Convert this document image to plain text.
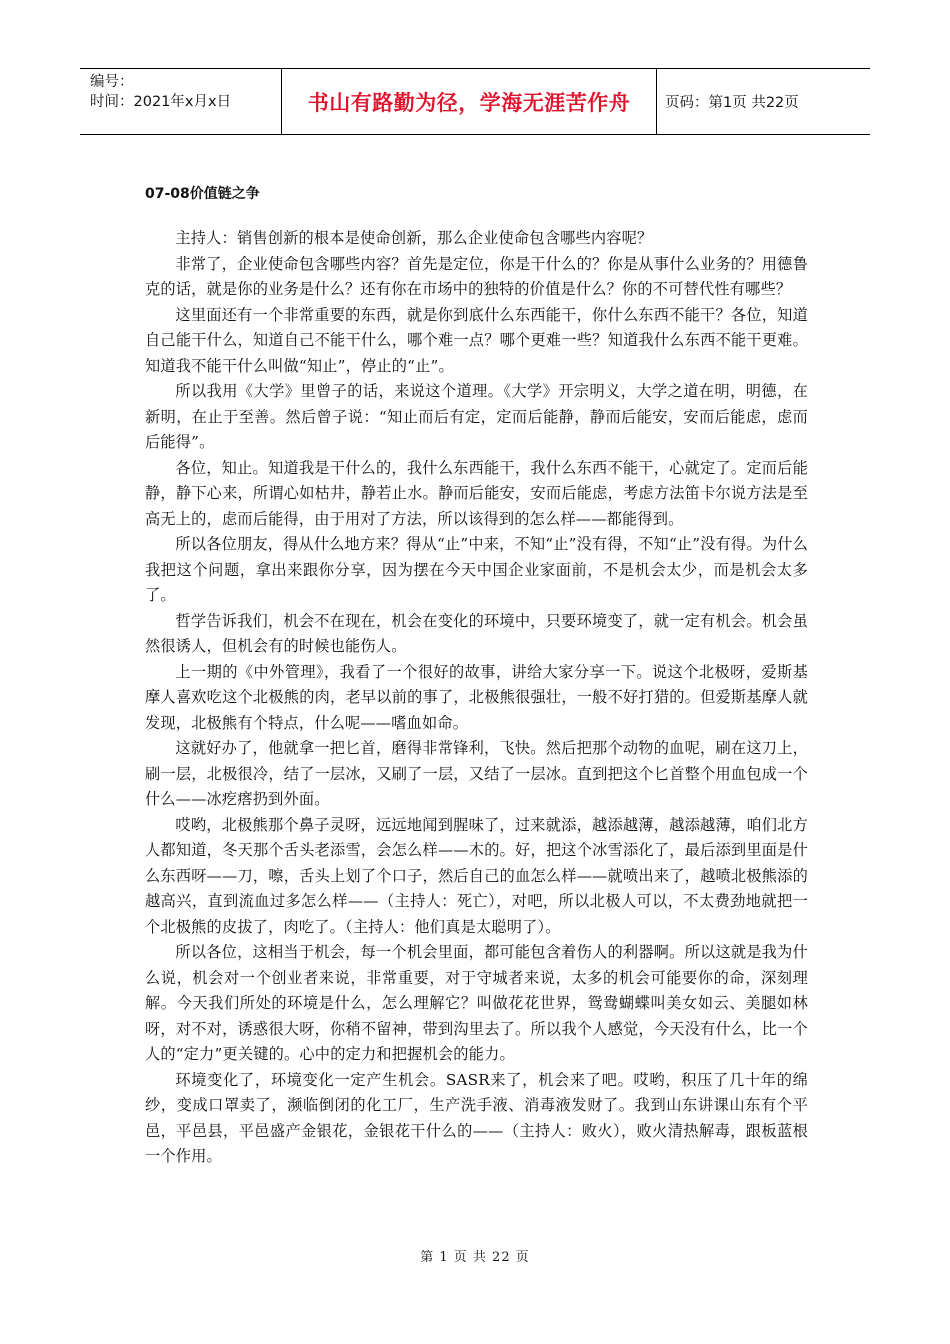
编号：
时间：2021年x月x日	书山有路勤为径，学海无涯苦作舟	页码：第1页 共22页
07-08价值链之争

主持人：销售创新的根本是使命创新，那么企业使命包含哪些内容呢？

非常了，企业使命包含哪些内容？首先是定位，你是干什么的？你是从事什么业务的？用德鲁克的话，就是你的业务是什么？还有你在市场中的独特的价值是什么？你的不可替代性有哪些？

这里面还有一个非常重要的东西，就是你到底什么东西能干，你什么东西不能干？各位，知道自己能干什么，知道自己不能干什么，哪个难一点？哪个更难一些？知道我什么东西不能干更难。知道我不能干什么叫做“知止”，停止的“止”。

所以我用《大学》里曾子的话，来说这个道理。《大学》开宗明义，大学之道在明，明德，在新明，在止于至善。然后曾子说：“知止而后有定，定而后能静，静而后能安，安而后能虑，虑而后能得”。

各位，知止。知道我是干什么的，我什么东西能干，我什么东西不能干，心就定了。定而后能静，静下心来，所谓心如枯井，静若止水。静而后能安，安而后能虑，考虑方法笛卡尔说方法是至高无上的，虑而后能得，由于用对了方法，所以该得到的怎么样——都能得到。

所以各位朋友，得从什么地方来？得从“止”中来，不知“止”没有得，不知“止”没有得。为什么我把这个问题，拿出来跟你分享，因为摆在今天中国企业家面前，不是机会太少，而是机会太多了。

哲学告诉我们，机会不在现在，机会在变化的环境中，只要环境变了，就一定有机会。机会虽然很诱人，但机会有的时候也能伤人。

上一期的《中外管理》，我看了一个很好的故事，讲给大家分享一下。说这个北极呀，爱斯基摩人喜欢吃这个北极熊的肉，老早以前的事了，北极熊很强壮，一般不好打猎的。但爱斯基摩人就发现，北极熊有个特点，什么呢——嗜血如命。

这就好办了，他就拿一把匕首，磨得非常锋利，飞快。然后把那个动物的血呢，刷在这刀上，刷一层，北极很冷，结了一层冰，又刷了一层，又结了一层冰。直到把这个匕首整个用血包成一个什么——冰疙瘩扔到外面。

哎哟，北极熊那个鼻子灵呀，远远地闻到腥味了，过来就添，越添越薄，越添越薄，咱们北方人都知道，冬天那个舌头老添雪，会怎么样——木的。好，把这个冰雪添化了，最后添到里面是什么东西呀——刀，嚓，舌头上划了个口子，然后自己的血怎么样——就喷出来了，越喷北极熊添的越高兴，直到流血过多怎么样——（主持人：死亡），对吧，所以北极人可以，不太费劲地就把一个北极熊的皮拔了，肉吃了。（主持人：他们真是太聪明了）。

所以各位，这相当于机会，每一个机会里面，都可能包含着伤人的利器啊。所以这就是我为什么说，机会对一个创业者来说，非常重要，对于守城者来说，太多的机会可能要你的命，深刻理解。今天我们所处的环境是什么，怎么理解它？叫做花花世界，鸳鸯蝴蝶叫美女如云、美腿如林呀，对不对，诱惑很大呀，你稍不留神，带到沟里去了。所以我个人感觉，今天没有什么，比一个人的“定力”更关键的。心中的定力和把握机会的能力。

环境变化了，环境变化一定产生机会。SASR来了，机会来了吧。哎哟，积压了几十年的绵纱，变成口罩卖了，濒临倒闭的化工厂，生产洗手液、消毒液发财了。我到山东讲课山东有个平邑，平邑县，平邑盛产金银花，金银花干什么的——（主持人：败火），败火清热解毒，跟板蓝根一个作用。

第 1 页 共 22 页
